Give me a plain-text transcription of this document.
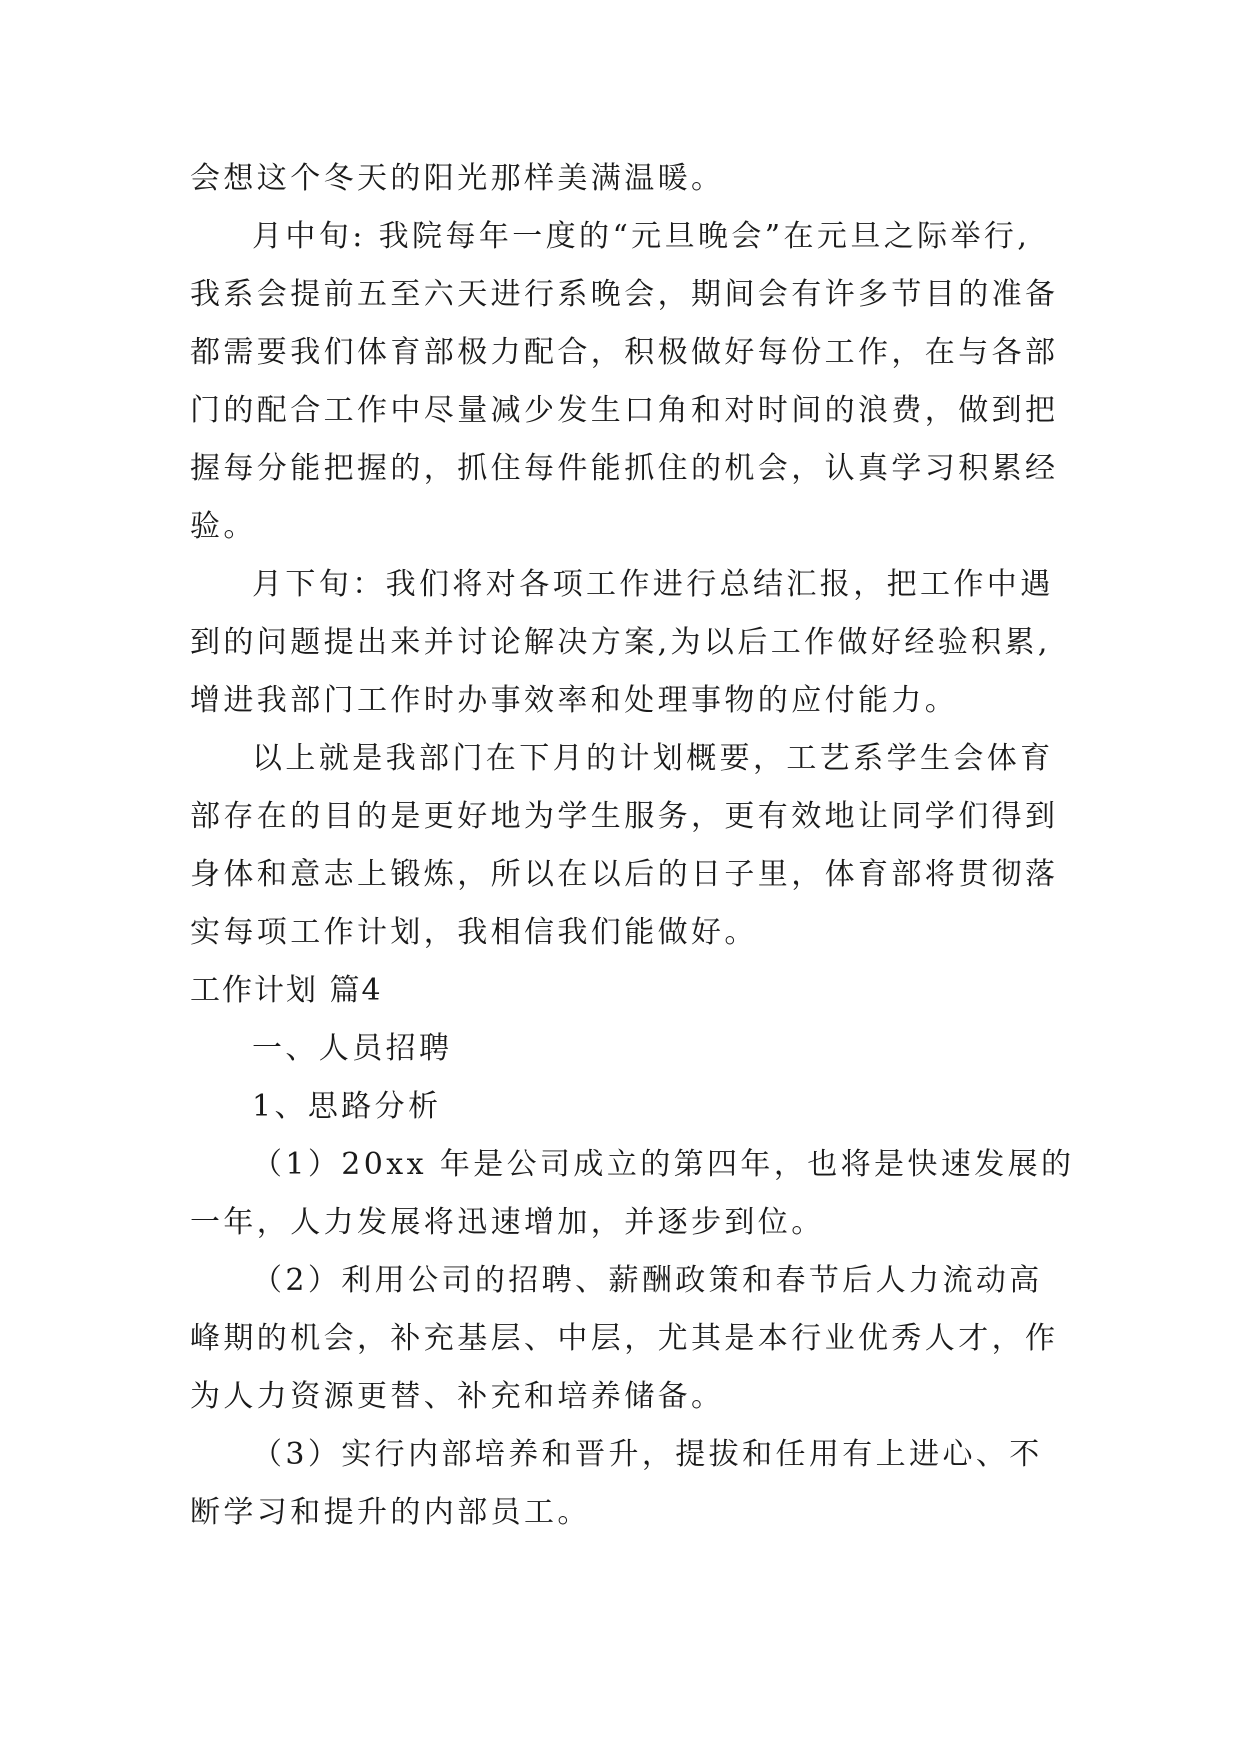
会想这个冬天的阳光那样美满温暖。
月中旬: 我院每年一度的“元旦晚会”在元旦之际举行,
我系会提前五至六天进行系晚会，期间会有许多节目的准备
都需要我们体育部极力配合，积极做好每份工作，在与各部
门的配合工作中尽量减少发生口角和对时间的浪费，做到把
握每分能把握的，抓住每件能抓住的机会，认真学习积累经
验。
月下旬：我们将对各项工作进行总结汇报，把工作中遇
到的问题提出来并讨论解决方案,为以后工作做好经验积累,
增进我部门工作时办事效率和处理事物的应付能力。
以上就是我部门在下月的计划概要，工艺系学生会体育
部存在的目的是更好地为学生服务，更有效地让同学们得到
身体和意志上锻炼，所以在以后的日子里，体育部将贯彻落
实每项工作计划，我相信我们能做好。
工作计划 篇4
一、人员招聘
1、思路分析
（1）20xx 年是公司成立的第四年，也将是快速发展的
一年，人力发展将迅速增加，并逐步到位。
（2）利用公司的招聘、薪酬政策和春节后人力流动高
峰期的机会，补充基层、中层，尤其是本行业优秀人才，作
为人力资源更替、补充和培养储备。
（3）实行内部培养和晋升，提拔和任用有上进心、不
断学习和提升的内部员工。
